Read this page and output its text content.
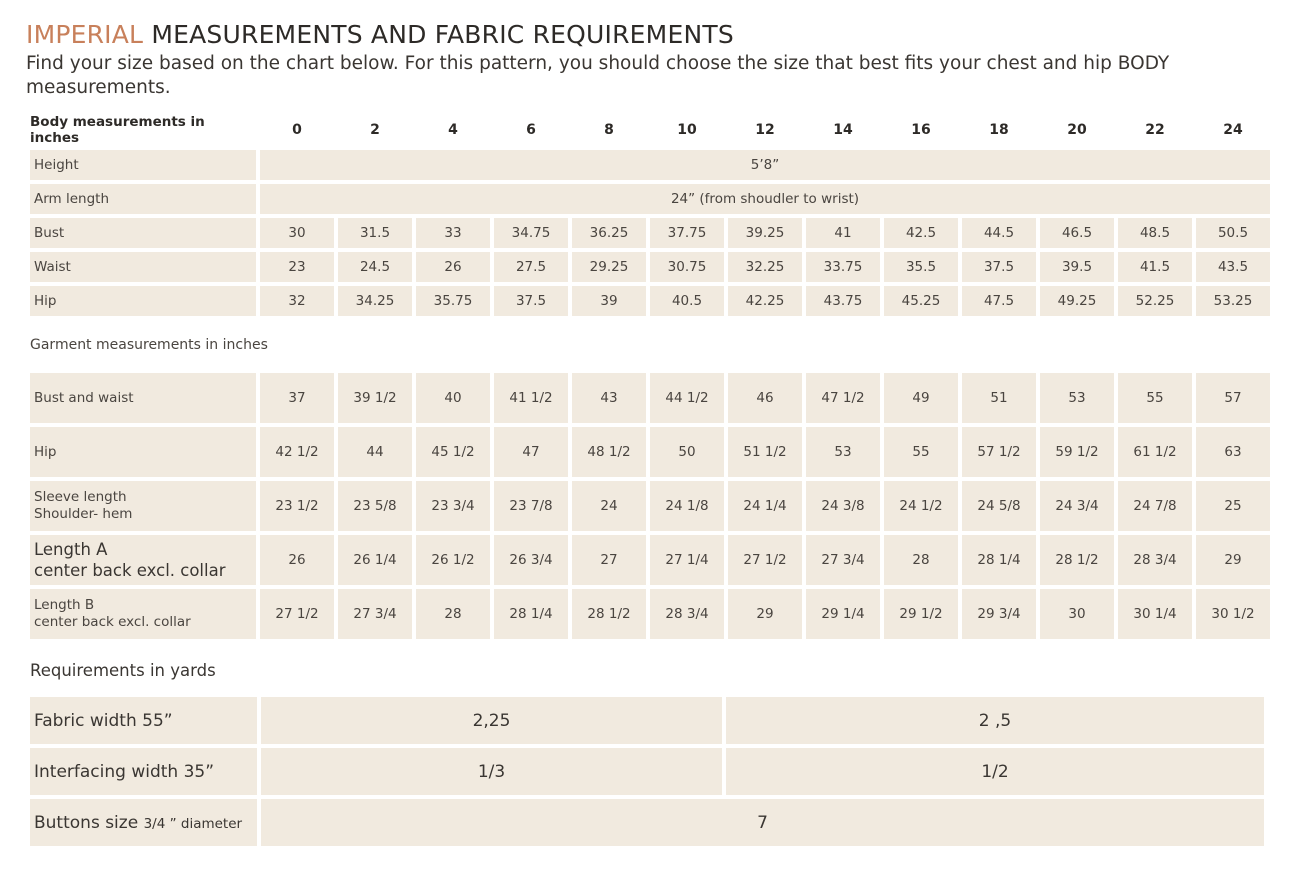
IMPERIAL MEASUREMENTS AND FABRIC REQUIREMENTS
Find your size based on the chart below. For this pattern, you should choose the size that best fits your chest and hip BODY measurements.
Body measurements in inches	0	2	4	6	8	10	12	14	16	18	20	22	24
Height	5’8”												
Arm length	24” (from shoudler to wrist)												
Bust	30	31.5	33	34.75	36.25	37.75	39.25	41	42.5	44.5	46.5	48.5	50.5
Waist	23	24.5	26	27.5	29.25	30.75	32.25	33.75	35.5	37.5	39.5	41.5	43.5
Hip	32	34.25	35.75	37.5	39	40.5	42.25	43.75	45.25	47.5	49.25	52.25	53.25
Garment measurements in inches													

Bust and waist	37	39 1/2	40	41 1/2	43	44 1/2	46	47 1/2	49	51	53	55	57

Hip	42 1/2	44	45 1/2	47	48 1/2	50	51 1/2	53	55	57 1/2	59 1/2	61 1/2	63

Sleeve length
Shoulder- hem	23 1/2	23 5/8	23 3/4	23 7/8	24	24 1/8	24 1/4	24 3/8	24 1/2	24 5/8	24 3/4	24 7/8	25

Length A
center back excl. collar	26	26 1/4	26 1/2	26 3/4	27	27 1/4	27 1/2	27 3/4	28	28 1/4	28 1/2	28 3/4	29

Length B
center back excl. collar	27 1/2	27 3/4	28	28 1/4	28 1/2	28 3/4	29	29 1/4	29 1/2	29 3/4	30	30 1/4	30 1/2
Requirements in yards
Fabric width 55”	2,25	2 ,5
Interfacing width 35”	1/3	1/2
Buttons size 3/4 ” diameter	7	
